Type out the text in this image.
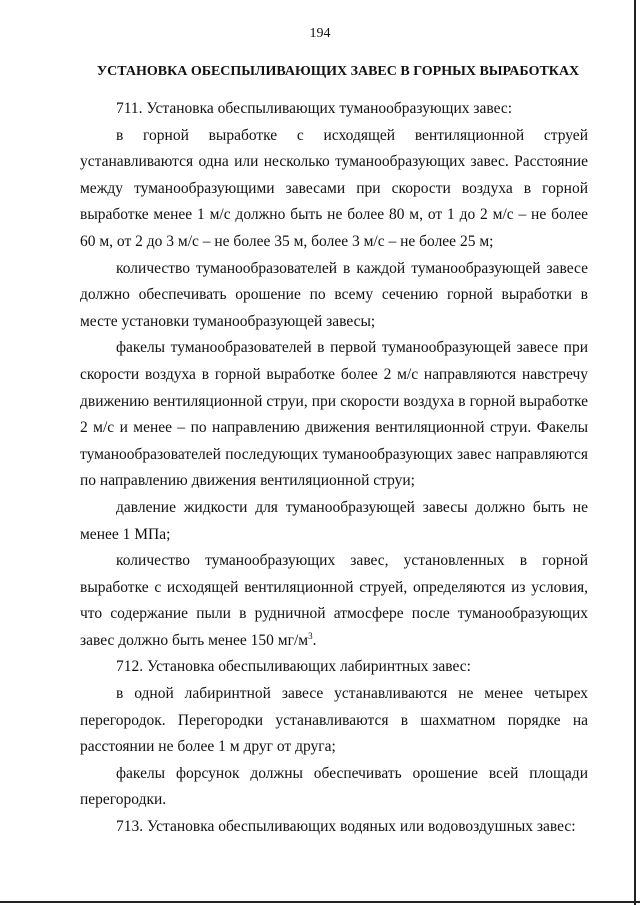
194
УСТАНОВКА ОБЕСПЫЛИВАЮЩИХ ЗАВЕС В ГОРНЫХ ВЫРАБОТКАХ

711. Установка обеспыливающих туманообразующих завес:

в горной выработке с исходящей вентиляционной струей устанавливаются одна или несколько туманообразующих завес. Расстояние между туманообразующими завесами при скорости воздуха в горной выработке менее 1 м/с должно быть не более 80 м, от 1 до 2 м/с – не более 60 м, от 2 до 3 м/с – не более 35 м, более 3 м/с – не более 25 м;

количество туманообразователей в каждой туманообразующей завесе должно обеспечивать орошение по всему сечению горной выработки в месте установки туманообразующей завесы;

факелы туманообразователей в первой туманообразующей завесе при скорости воздуха в горной выработке более 2 м/с направляются навстречу движению вентиляционной струи, при скорости воздуха в горной выработке 2 м/с и менее – по направлению движения вентиляционной струи. Факелы туманообразователей последующих туманообразующих завес направляются по направлению движения вентиляционной струи;

давление жидкости для туманообразующей завесы должно быть не менее 1 МПа;

количество туманообразующих завес, установленных в горной выработке с исходящей вентиляционной струей, определяются из условия, что содержание пыли в рудничной атмосфере после туманообразующих завес должно быть менее 150 $мг/м^3$.

712. Установка обеспыливающих лабиринтных завес:

в одной лабиринтной завесе устанавливаются не менее четырех перегородок. Перегородки устанавливаются в шахматном порядке на расстоянии не более 1 м друг от друга;

факелы форсунок должны обеспечивать орошение всей площади перегородки.

713. Установка обеспыливающих водяных или водовоздушных завес:
